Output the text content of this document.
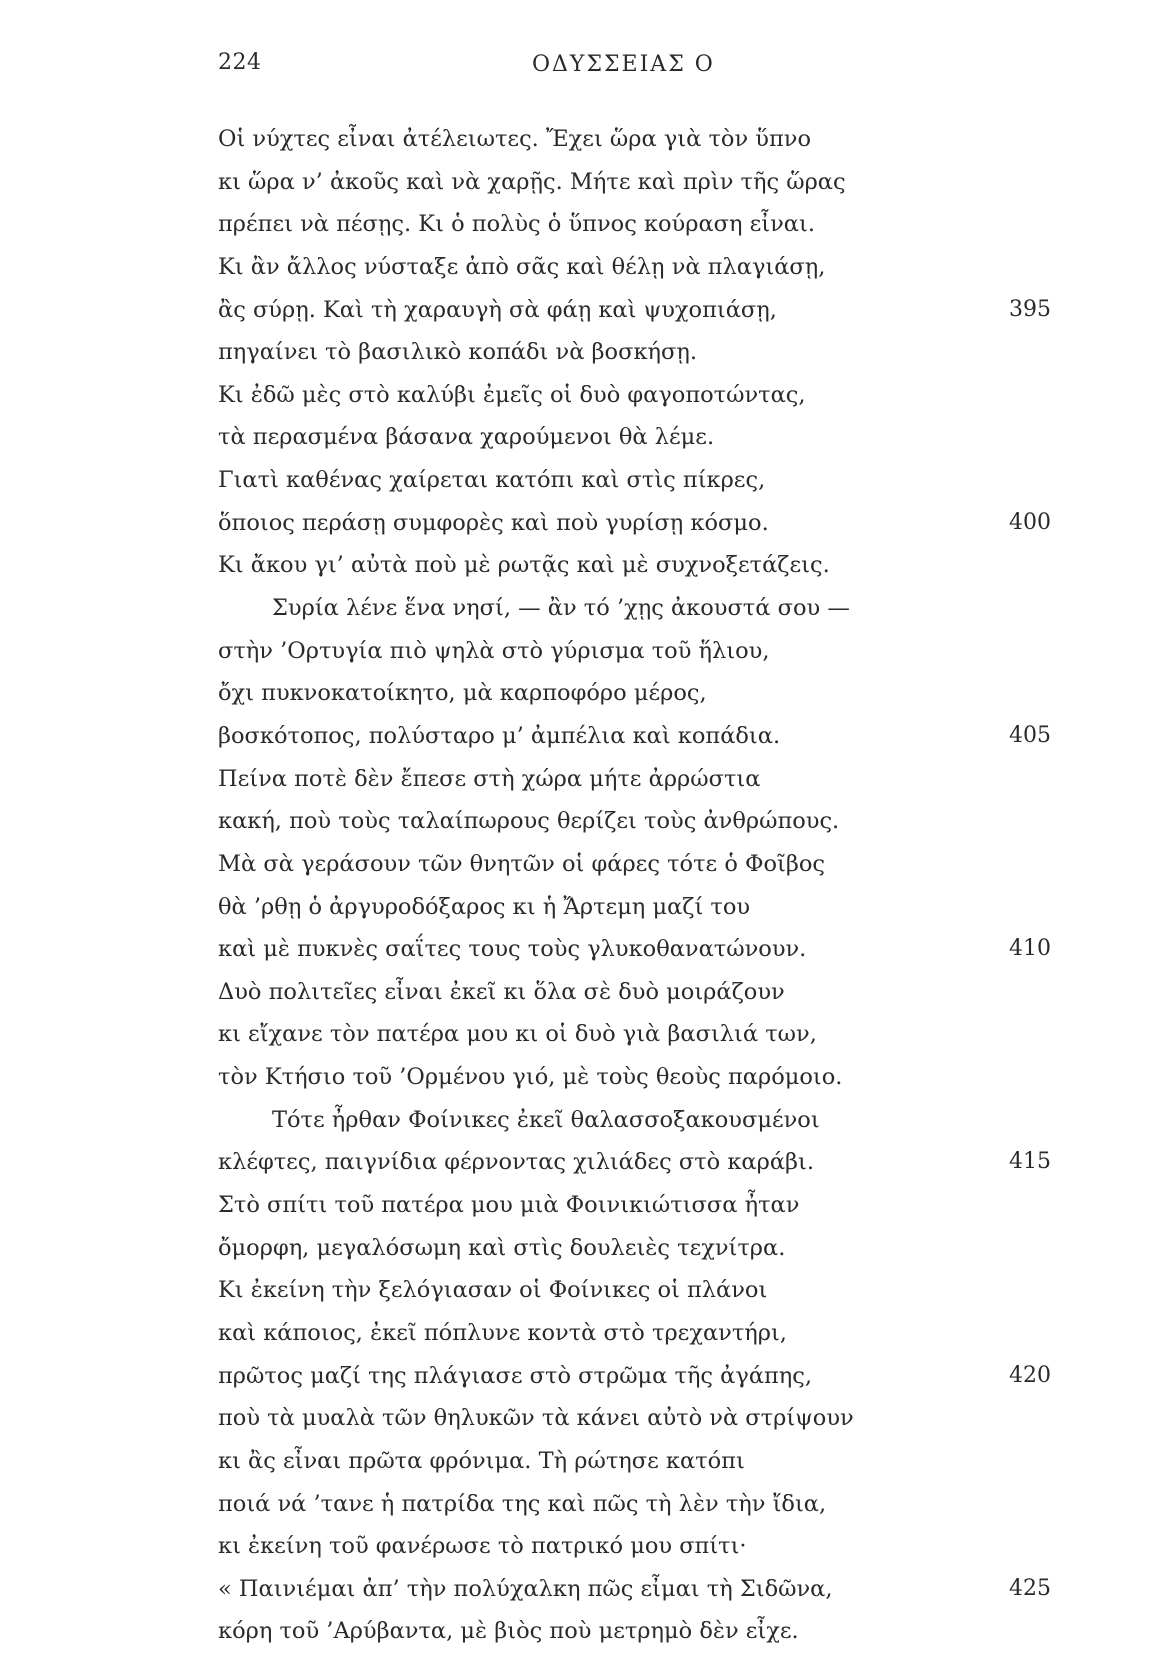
224	ΟΔΥΣΣΕΙΑΣ Ο
Οἱ νύχτες εἶναι ἀτέλειωτες. Ἔχει ὥρα γιὰ τὸν ὕπνο
κι ὥρα ν’ ἀκοῦς καὶ νὰ χαρῇς. Μήτε καὶ πρὶν τῆς ὥρας
πρέπει νὰ πέσῃς. Κι ὁ πολὺς ὁ ὕπνος κούραση εἶναι.
Κι ἂν ἄλλος νύσταξε ἀπὸ σᾶς καὶ θέλῃ νὰ πλαγιάσῃ,
ἂς σύρῃ. Καὶ τὴ χαραυγὴ σὰ φάῃ καὶ ψυχοπιάσῃ,	395
πηγαίνει τὸ βασιλικὸ κοπάδι νὰ βοσκήσῃ.
Κι ἐδῶ μὲς στὸ καλύβι ἐμεῖς οἱ δυὸ φαγοποτώντας,
τὰ περασμένα βάσανα χαρούμενοι θὰ λέμε.
Γιατὶ καθένας χαίρεται κατόπι καὶ στὶς πίκρες,
ὅποιος περάσῃ συμφορὲς καὶ ποὺ γυρίσῃ κόσμο.	400
Κι ἄκου γι’ αὐτὰ ποὺ μὲ ρωτᾷς καὶ μὲ συχνοξετάζεις.
Συρία λένε ἕνα νησί, — ἂν τό ’χῃς ἀκουστά σου —
στὴν ’Ορτυγία πιὸ ψηλὰ στὸ γύρισμα τοῦ ἥλιου,
ὄχι πυκνοκατοίκητο, μὰ καρποφόρο μέρος,
βοσκότοπος, πολύσταρο μ’ ἀμπέλια καὶ κοπάδια.	405
Πείνα ποτὲ δὲν ἔπεσε στὴ χώρα μήτε ἀρρώστια
κακή, ποὺ τοὺς ταλαίπωρους θερίζει τοὺς ἀνθρώπους.
Μὰ σὰ γεράσουν τῶν θνητῶν οἱ φάρες τότε ὁ Φοῖβος
θὰ ’ρθῃ ὁ ἀργυροδόξαρος κι ἡ Ἄρτεμη μαζί του
καὶ μὲ πυκνὲς σαΐτες τους τοὺς γλυκοθανατώνουν.	410
Δυὸ πολιτεῖες εἶναι ἐκεῖ κι ὅλα σὲ δυὸ μοιράζουν
κι εἴχανε τὸν πατέρα μου κι οἱ δυὸ γιὰ βασιλιά των,
τὸν Κτήσιο τοῦ ’Ορμένου γιό, μὲ τοὺς θεοὺς παρόμοιο.
Τότε ἦρθαν Φοίνικες ἐκεῖ θαλασσοξακουσμένοι
κλέφτες, παιγνίδια φέρνοντας χιλιάδες στὸ καράβι.	415
Στὸ σπίτι τοῦ πατέρα μου μιὰ Φοινικιώτισσα ἦταν
ὄμορφη, μεγαλόσωμη καὶ στὶς δουλειὲς τεχνίτρα.
Κι ἐκείνη τὴν ξελόγιασαν οἱ Φοίνικες οἱ πλάνοι
καὶ κάποιος, ἐκεῖ πόπλυνε κοντὰ στὸ τρεχαντήρι,
πρῶτος μαζί της πλάγιασε στὸ στρῶμα τῆς ἀγάπης,	420
ποὺ τὰ μυαλὰ τῶν θηλυκῶν τὰ κάνει αὐτὸ νὰ στρίψουν
κι ἂς εἶναι πρῶτα φρόνιμα. Τὴ ρώτησε κατόπι
ποιά νά ’τανε ἡ πατρίδα της καὶ πῶς τὴ λὲν τὴν ἴδια,
κι ἐκείνη τοῦ φανέρωσε τὸ πατρικό μου σπίτι·
« Παινιέμαι ἀπ’ τὴν πολύχαλκη πῶς εἶμαι τὴ Σιδῶνα,	425
κόρη τοῦ ’Αρύβαντα, μὲ βιὸς ποὺ μετρημὸ δὲν εἶχε.
